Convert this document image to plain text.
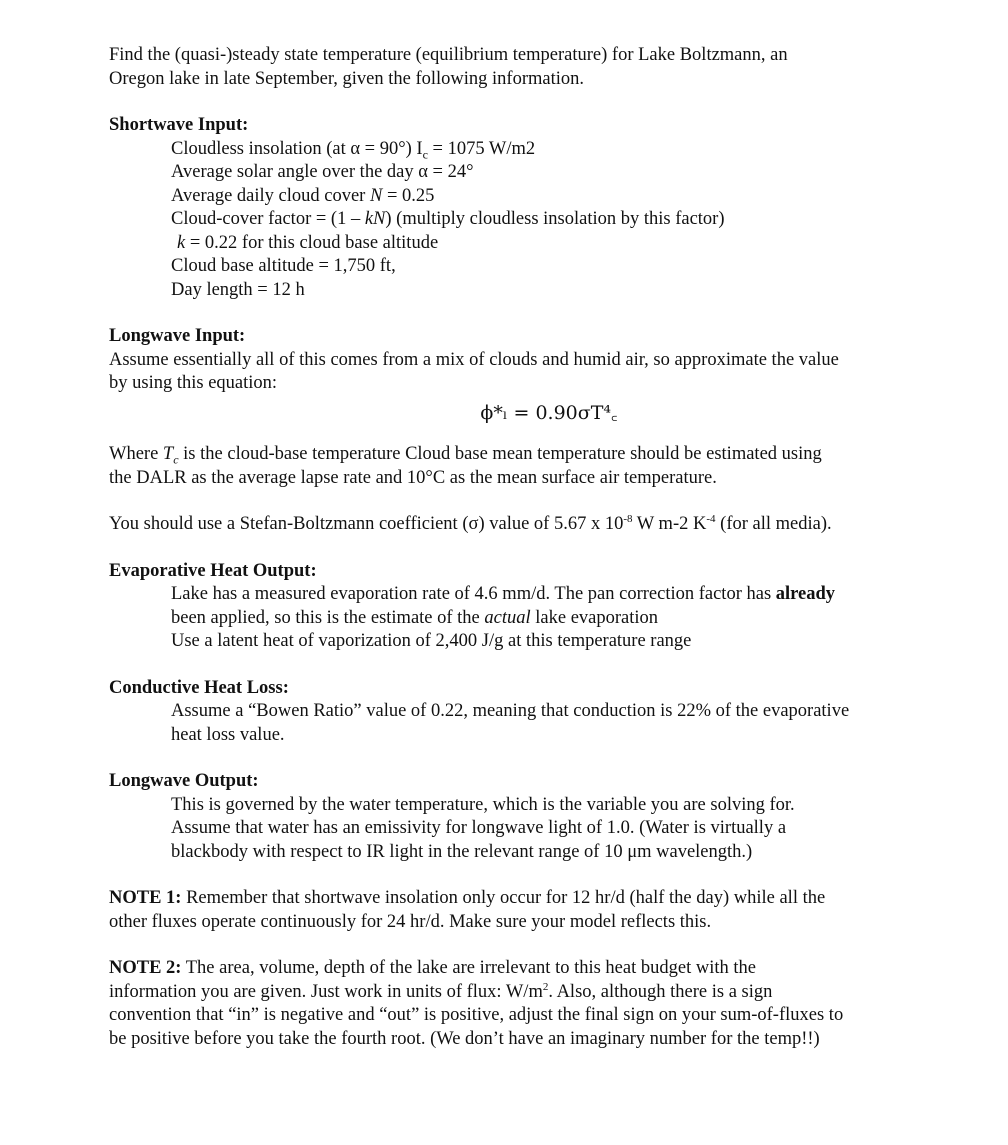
Find the (quasi-)steady state temperature (equilibrium temperature) for Lake Boltzmann, an

Oregon lake in late September, given the following information.

Shortwave Input:

Cloudless insolation (at α = 90°) $I_c = 1075$ W/m2

Average solar angle over the day α = 24°

Average daily cloud cover N = 0.25

Cloud-cover factor = (1 – kN) (multiply cloudless insolation by this factor)

k = 0.22 for this cloud base altitude

Cloud base altitude = 1,750 ft,

Day length = 12 h

Longwave Input:

Assume essentially all of this comes from a mix of clouds and humid air, so approximate the value

by using this equation:

ϕ*ₗ = 0.90σT⁴꜀

Where $T_c$ is the cloud-base temperature Cloud base mean temperature should be estimated using

the DALR as the average lapse rate and 10°C as the mean surface air temperature.

You should use a Stefan-Boltzmann coefficient (σ) value of 5.67 x $10^{-8}$ W m-2 $K^{-4}$ (for all media).

Evaporative Heat Output:

Lake has a measured evaporation rate of 4.6 mm/d. The pan correction factor has already

been applied, so this is the estimate of the actual lake evaporation

Use a latent heat of vaporization of 2,400 J/g at this temperature range

Conductive Heat Loss:

Assume a “Bowen Ratio” value of 0.22, meaning that conduction is 22% of the evaporative

heat loss value.

Longwave Output:

This is governed by the water temperature, which is the variable you are solving for.

Assume that water has an emissivity for longwave light of 1.0. (Water is virtually a

blackbody with respect to IR light in the relevant range of 10 μm wavelength.)

NOTE 1: Remember that shortwave insolation only occur for 12 hr/d (half the day) while all the

other fluxes operate continuously for 24 hr/d. Make sure your model reflects this.

NOTE 2: The area, volume, depth of the lake are irrelevant to this heat budget with the

information you are given. Just work in units of flux: $W/m^2$. Also, although there is a sign

convention that “in” is negative and “out” is positive, adjust the final sign on your sum-of-fluxes to

be positive before you take the fourth root. (We don’t have an imaginary number for the temp!!)
